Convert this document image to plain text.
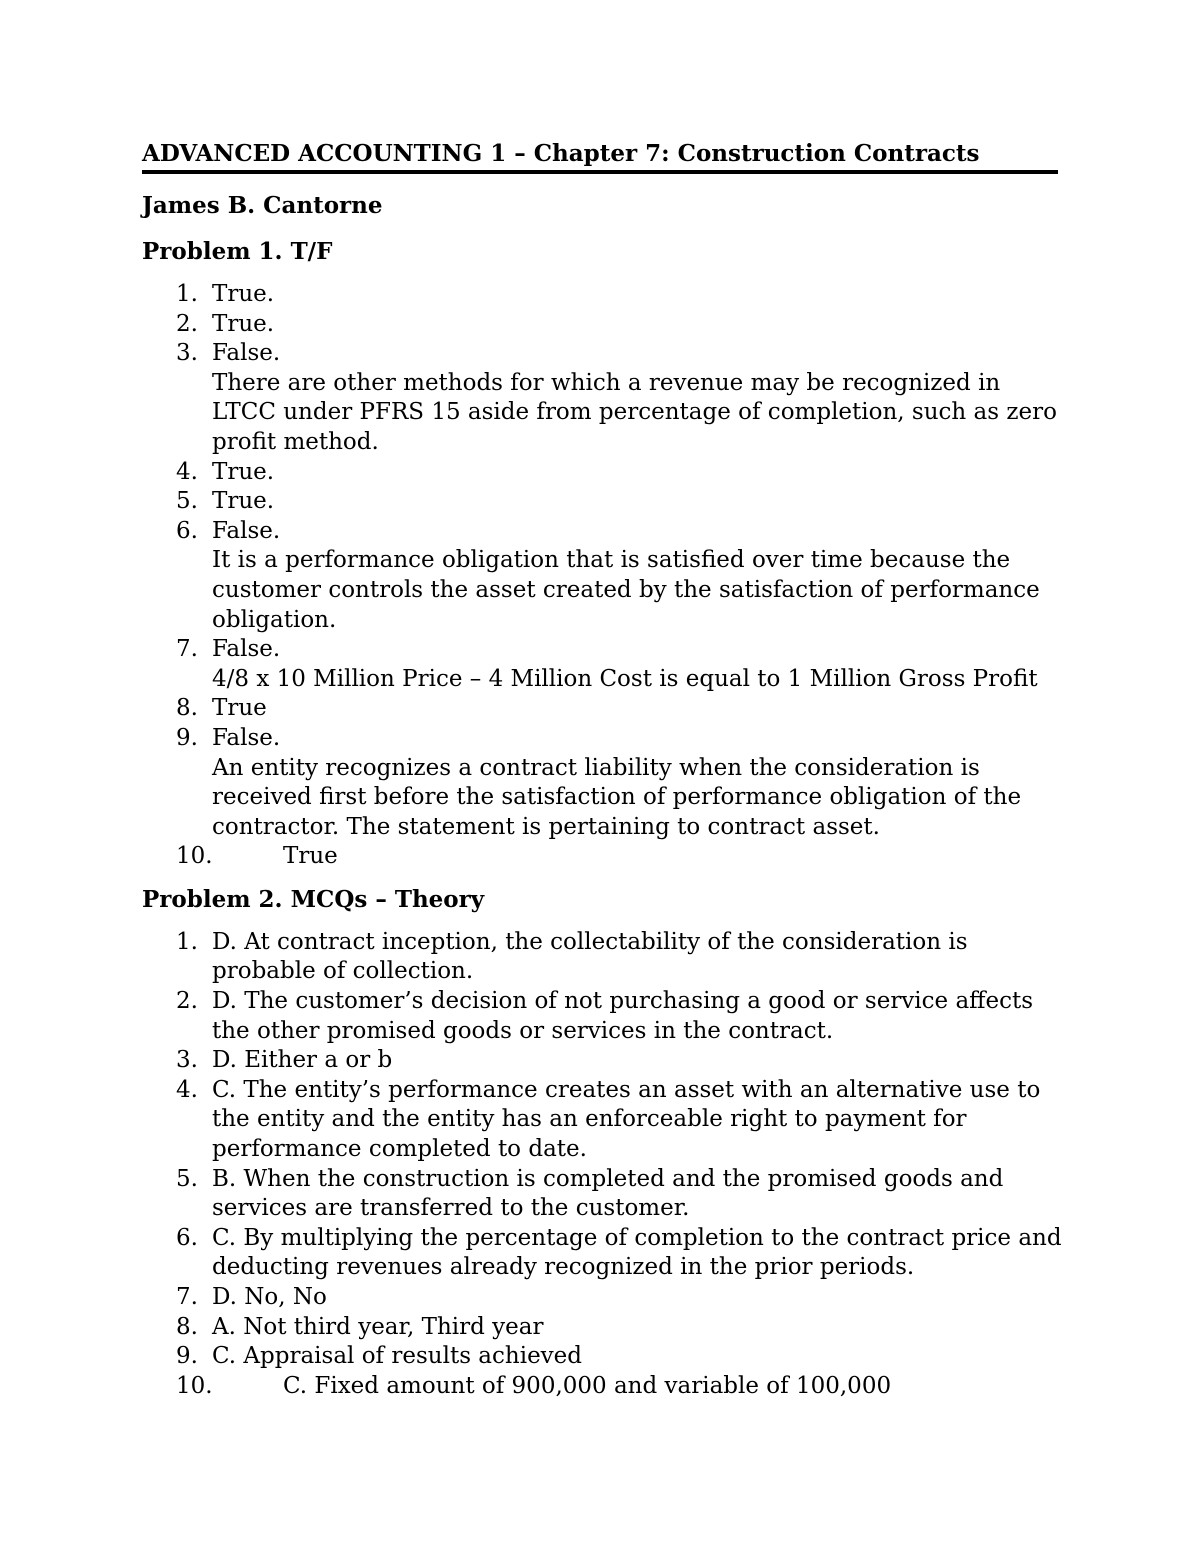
ADVANCED ACCOUNTING 1 – Chapter 7: Construction Contracts
James B. Cantorne
Problem 1. T/F
1. True.
2. True.
3. False.
There are other methods for which a revenue may be recognized in LTCC under PFRS 15 aside from percentage of completion, such as zero profit method.
4. True.
5. True.
6. False.
It is a performance obligation that is satisfied over time because the customer controls the asset created by the satisfaction of performance obligation.
7. False.
4/8 x 10 Million Price – 4 Million Cost is equal to 1 Million Gross Profit
8. True
9. False.
An entity recognizes a contract liability when the consideration is received first before the satisfaction of performance obligation of the contractor. The statement is pertaining to contract asset.
10.	True
Problem 2. MCQs – Theory
1. D. At contract inception, the collectability of the consideration is probable of collection.
2. D. The customer’s decision of not purchasing a good or service affects the other promised goods or services in the contract.
3. D. Either a or b
4. C. The entity’s performance creates an asset with an alternative use to the entity and the entity has an enforceable right to payment for performance completed to date.
5. B. When the construction is completed and the promised goods and services are transferred to the customer.
6. C. By multiplying the percentage of completion to the contract price and deducting revenues already recognized in the prior periods.
7. D. No, No
8. A. Not third year, Third year
9. C. Appraisal of results achieved
10.	C. Fixed amount of 900,000 and variable of 100,000
